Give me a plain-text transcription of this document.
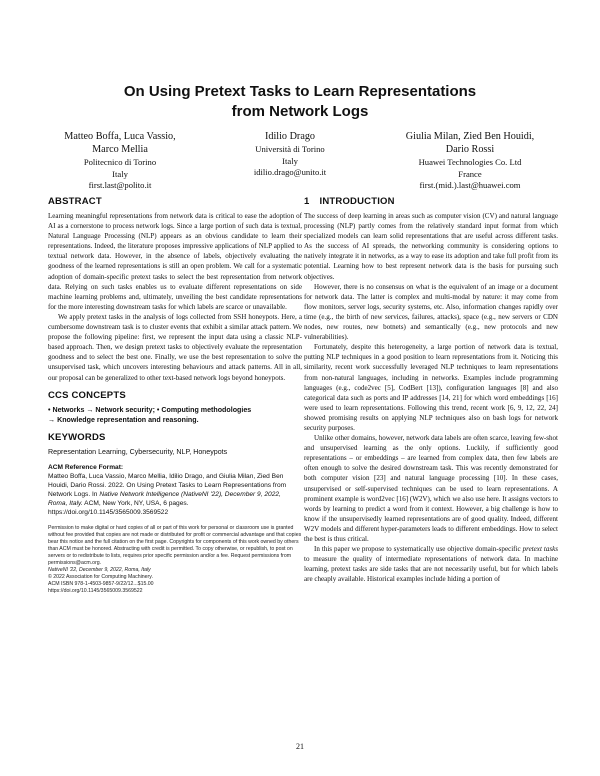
On Using Pretext Tasks to Learn Representations
from Network Logs
Matteo Boffa, Luca Vassio,
Marco Mellia
Politecnico di Torino
Italy
first.last@polito.it
Idilio Drago
Università di Torino
Italy
idilio.drago@unito.it
Giulia Milan, Zied Ben Houidi,
Dario Rossi
Huawei Technologies Co. Ltd
France
first.(mid.).last@huawei.com
ABSTRACT
Learning meaningful representations from network data is critical to ease the adoption of AI as a cornerstone to process network logs. Since a large portion of such data is textual, Natural Language Processing (NLP) appears as an obvious candidate to learn their representations. Indeed, the literature proposes impressive applications of NLP applied to textual network data. However, in the absence of labels, objectively evaluating the goodness of the learned representations is still an open problem. We call for a systematic adoption of domain-specific pretext tasks to select the best representation from network data. Relying on such tasks enables us to evaluate different representations on side machine learning problems and, ultimately, unveiling the best candidate representations for the more interesting downstream tasks for which labels are scarce or unavailable.
We apply pretext tasks in the analysis of logs collected from SSH honeypots. Here, a cumbersome downstream task is to cluster events that exhibit a similar attack pattern. We propose the following pipeline: first, we represent the input data using a classic NLP-based approach. Then, we design pretext tasks to objectively evaluate the representation goodness and to select the best one. Finally, we use the best representation to solve the unsupervised task, which uncovers interesting behaviours and attack patterns. All in all, our proposal can be generalized to other text-based network logs beyond honeypots.
CCS CONCEPTS
• Networks → Network security; • Computing methodologies
→ Knowledge representation and reasoning.
KEYWORDS
Representation Learning, Cybersecurity, NLP, Honeypots
ACM Reference Format:
Matteo Boffa, Luca Vassio, Marco Mellia, Idilio Drago, and Giulia Milan, Zied Ben Houidi, Dario Rossi. 2022. On Using Pretext Tasks to Learn Representations from Network Logs. In Native Network Intelligence (NativeNI '22), December 9, 2022, Roma, Italy. ACM, New York, NY, USA, 6 pages. https://doi.org/10.1145/3565009.3569522
Permission to make digital or hard copies of all or part of this work for personal or classroom use is granted without fee provided that copies are not made or distributed for profit or commercial advantage and that copies bear this notice and the full citation on the first page. Copyrights for components of this work owned by others than ACM must be honored. Abstracting with credit is permitted. To copy otherwise, or republish, to post on servers or to redistribute to lists, requires prior specific permission and/or a fee. Request permissions from permissions@acm.org.
NativeNI '22, December 9, 2022, Roma, Italy
© 2022 Association for Computing Machinery.
ACM ISBN 978-1-4503-9857-9/22/12...$15.00
https://doi.org/10.1145/3565009.3569522
1 INTRODUCTION
The success of deep learning in areas such as computer vision (CV) and natural language processing (NLP) partly comes from the relatively standard input format from which specialized models can learn solid representations that are useful across different tasks. As the success of AI spreads, the networking community is considering options to natively integrate it in networks, as a way to ease its adoption and take full profit from its potential. Learning how to best represent network data is the basis for pursuing such objectives.
However, there is no consensus on what is the equivalent of an image or a document for network data. The latter is complex and multi-modal by nature: it may come from flow monitors, server logs, security systems, etc. Also, information changes rapidly over time (e.g., the birth of new services, failures, attacks), space (e.g., new servers or CDN nodes, new routes, new botnets) and semantically (e.g., new protocols and new vulnerabilities).
Fortunately, despite this heterogeneity, a large portion of network data is textual, putting NLP techniques in a good position to learn representations from it. Noticing this similarity, recent work successfully leveraged NLP techniques to learn representations from non-natural languages, including in networks. Examples include programming languages (e.g., code2vec [5], CodBert [13]), configuration languages [8] and also categorical data such as ports and IP addresses [14, 21] for which word embeddings [16] were used to learn representations. Following this trend, recent work [6, 9, 12, 22, 24] showed promising results on applying NLP techniques also on bash logs for network security purposes.
Unlike other domains, however, network data labels are often scarce, leaving few-shot and unsupervised learning as the only options. Luckily, if sufficiently good representations – or embeddings – are learned from complex data, then few labels are often enough to solve the desired downstream task. This was recently demonstrated for both computer vision [23] and natural language processing [10]. In these cases, unsupervised or self-supervised techniques can be used to learn representations. A prominent example is word2vec [16] (W2V), which we also use here. It assigns vectors to words by learning to predict a word from it context. However, a big challenge is how to know if the unsupervisedly learned representations are of good quality. Indeed, different W2V models and different hyper-parameters leads to different embeddings. How to select the best is thus critical.
In this paper we propose to systematically use objective domain-specific pretext tasks to measure the quality of intermediate representations of network data. In machine learning, pretext tasks are side tasks that are not necessarily useful, but for which labels are cheaply available. Historical examples include hiding a portion of
21
